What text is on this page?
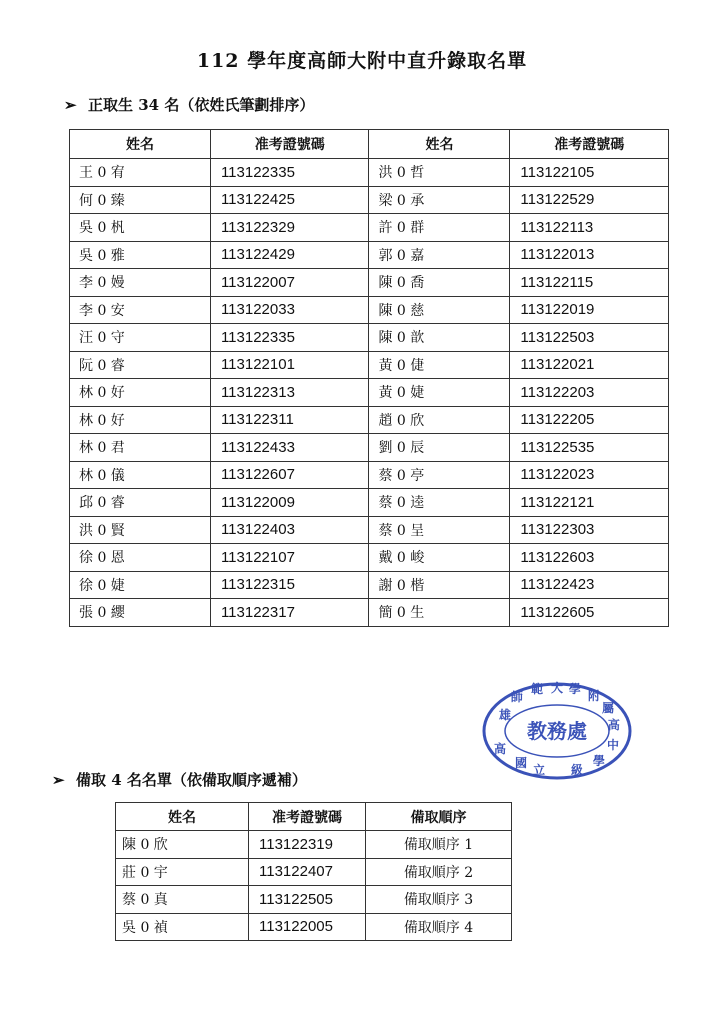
112 學年度高師大附中直升錄取名單
➢ 正取生 34 名（依姓氏筆劃排序）
姓名	准考證號碼	姓名	准考證號碼
王 0 宥	113122335	洪 0 哲	113122105
何 0 臻	113122425	梁 0 承	113122529
吳 0 杋	113122329	許 0 群	113122113
吳 0 雅	113122429	郭 0 嘉	113122013
李 0 嫚	113122007	陳 0 喬	113122115
李 0 安	113122033	陳 0 慈	113122019
汪 0 守	113122335	陳 0 歆	113122503
阮 0 睿	113122101	黃 0 倢	113122021
林 0 好	113122313	黃 0 婕	113122203
林 0 好	113122311	趙 0 欣	113122205
林 0 君	113122433	劉 0 辰	113122535
林 0 儀	113122607	蔡 0 亭	113122023
邱 0 睿	113122009	蔡 0 逵	113122121
洪 0 賢	113122403	蔡 0 呈	113122303
徐 0 恩	113122107	戴 0 峻	113122603
徐 0 婕	113122315	謝 0 楷	113122423
張 0 纓	113122317	簡 0 生	113122605
教務處
高雄師 範 大 學 附屬高 中學 國 立 級
➢ 備取 4 名名單（依備取順序遞補）
姓名	准考證號碼	備取順序
陳 0 欣	113122319	備取順序 1
莊 0 宇	113122407	備取順序 2
蔡 0 真	113122505	備取順序 3
吳 0 禎	113122005	備取順序 4
